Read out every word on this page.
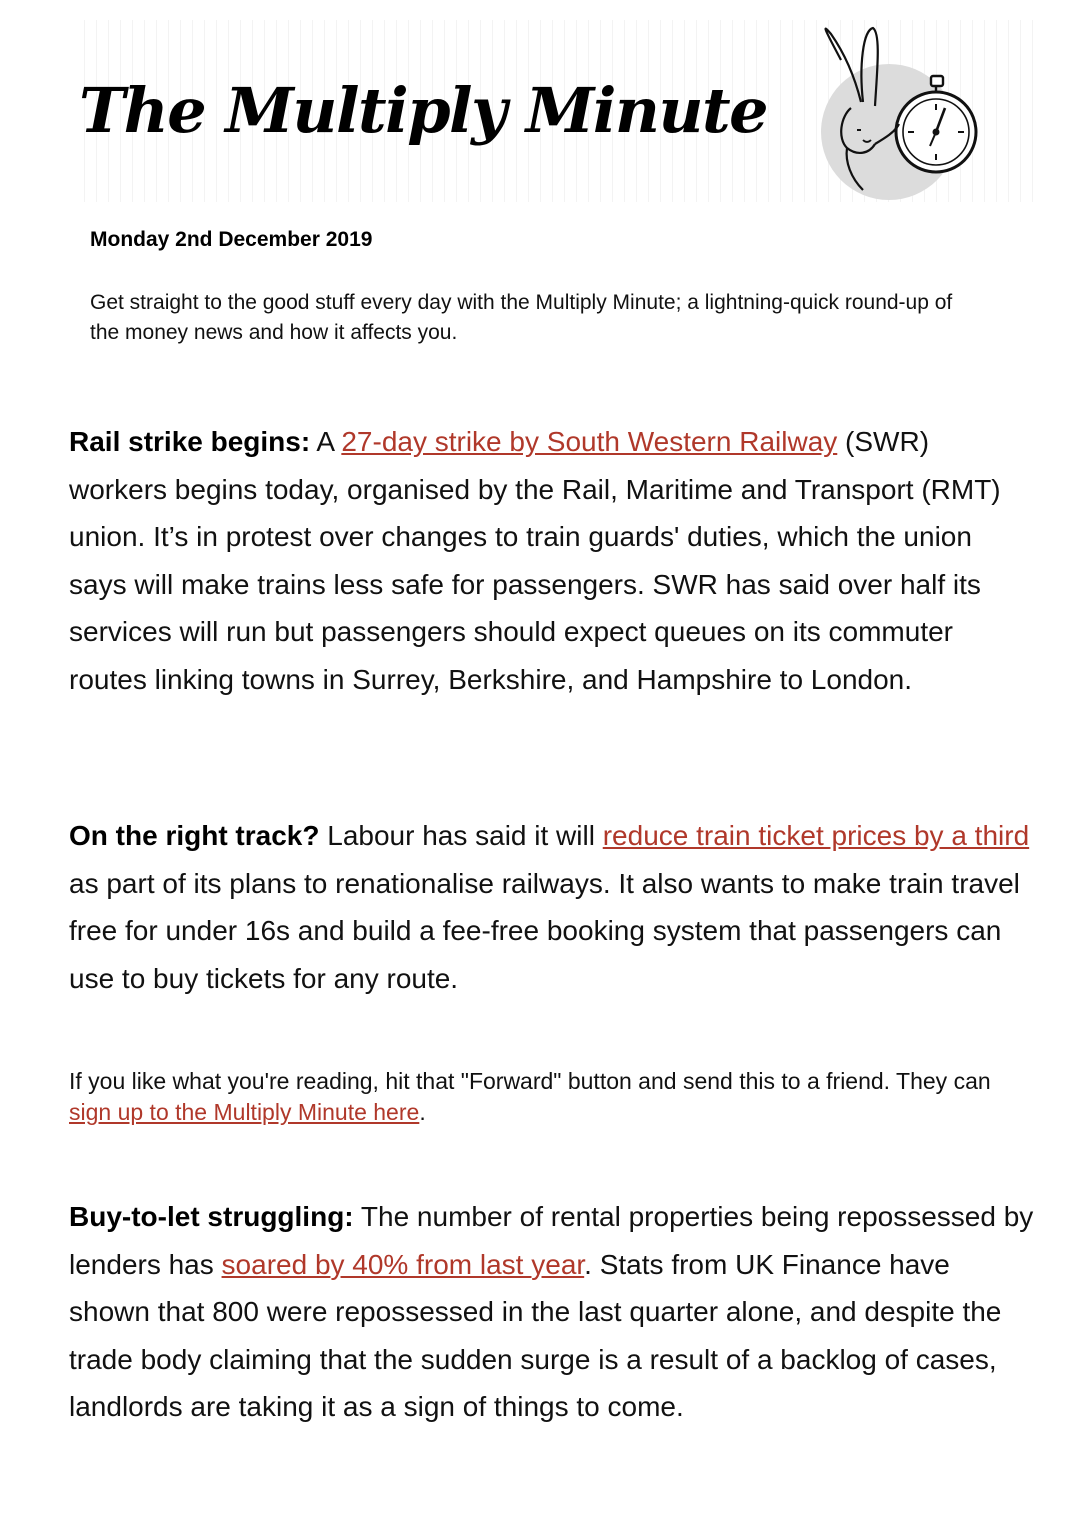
The Multiply Minute

Monday 2nd December 2019

Get straight to the good stuff every day with the Multiply Minute; a lightning-quick round-up of the money news and how it affects you.

Rail strike begins: A 27-day strike by South Western Railway (SWR) workers begins today, organised by the Rail, Maritime and Transport (RMT) union. It’s in protest over changes to train guards' duties, which the union says will make trains less safe for passengers. SWR has said over half its services will run but passengers should expect queues on its commuter routes linking towns in Surrey, Berkshire, and Hampshire to London.

On the right track? Labour has said it will reduce train ticket prices by a third as part of its plans to renationalise railways. It also wants to make train travel free for under 16s and build a fee-free booking system that passengers can use to buy tickets for any route.

If you like what you're reading, hit that "Forward" button and send this to a friend. They can sign up to the Multiply Minute here.

Buy-to-let struggling: The number of rental properties being repossessed by lenders has soared by 40% from last year. Stats from UK Finance have shown that 800 were repossessed in the last quarter alone, and despite the trade body claiming that the sudden surge is a result of a backlog of cases, landlords are taking it as a sign of things to come.
